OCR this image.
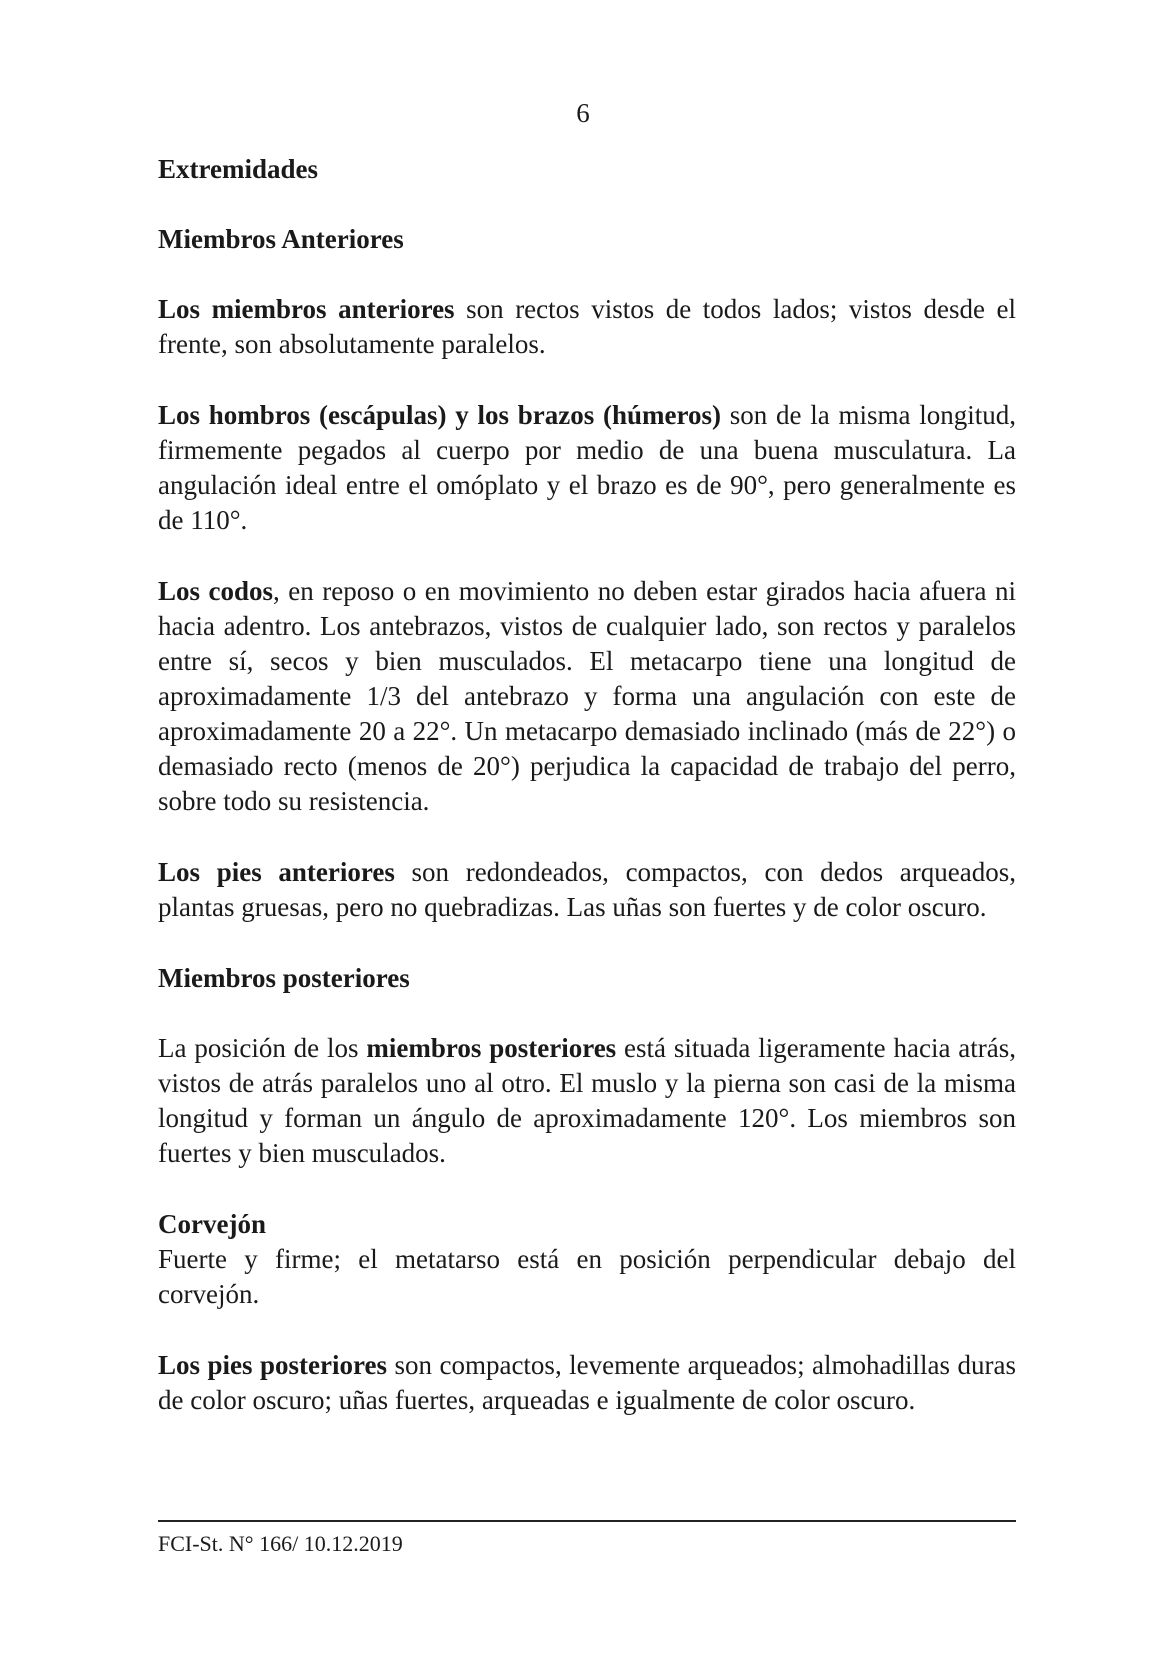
6
Extremidades
Miembros Anteriores

Los miembros anteriores son rectos vistos de todos lados; vistos desde el frente, son absolutamente paralelos.

Los hombros (escápulas) y los brazos (húmeros) son de la misma longitud, firmemente pegados al cuerpo por medio de una buena musculatura. La angulación ideal entre el omóplato y el brazo es de 90°, pero generalmente es de 110°.

Los codos, en reposo o en movimiento no deben estar girados hacia afuera ni hacia adentro. Los antebrazos, vistos de cualquier lado, son rectos y paralelos entre sí, secos y bien musculados. El metacarpo tiene una longitud de aproximadamente 1/3 del antebrazo y forma una angulación con este de aproximadamente 20 a 22°. Un metacarpo demasiado inclinado (más de 22°) o demasiado recto (menos de 20°) perjudica la capacidad de trabajo del perro, sobre todo su resistencia.

Los pies anteriores son redondeados, compactos, con dedos arqueados, plantas gruesas, pero no quebradizas. Las uñas son fuertes y de color oscuro.

Miembros posteriores

La posición de los miembros posteriores está situada ligeramente hacia atrás, vistos de atrás paralelos uno al otro. El muslo y la pierna son casi de la misma longitud y forman un ángulo de aproximadamente 120°. Los miembros son fuertes y bien musculados.

Corvejón

Fuerte y firme; el metatarso está en posición perpendicular debajo del corvejón.

Los pies posteriores son compactos, levemente arqueados; almohadillas duras de color oscuro; uñas fuertes, arqueadas e igualmente de color oscuro.

FCI-St. N° 166/ 10.12.2019
